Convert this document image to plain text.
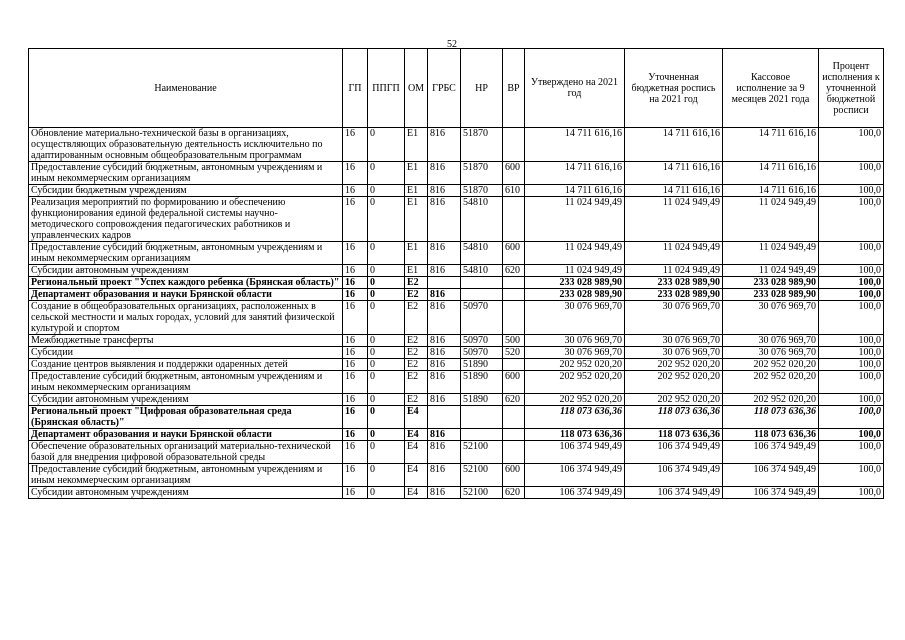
52
Наименование	ГП	ППГП	ОМ	ГРБС	НР	ВР	Утверждено на 2021 год	Уточненная бюджетная роспись на 2021 год	Кассовое исполнение за 9 месяцев 2021 года	Процент исполнения к уточненной бюджетной росписи
Обновление материально-технической базы в организациях, осуществляющих образовательную деятельность исключительно по адаптированным основным общеобразовательным программам	16	0	E1	816	51870		14 711 616,16	14 711 616,16	14 711 616,16	100,0
Предоставление субсидий бюджетным, автономным учреждениям и иным некоммерческим организациям	16	0	E1	816	51870	600	14 711 616,16	14 711 616,16	14 711 616,16	100,0
Субсидии бюджетным учреждениям	16	0	E1	816	51870	610	14 711 616,16	14 711 616,16	14 711 616,16	100,0
Реализация мероприятий по формированию и обеспечению функционирования единой федеральной системы научно-методического сопровождения педагогических работников и управленческих кадров	16	0	E1	816	54810		11 024 949,49	11 024 949,49	11 024 949,49	100,0
Предоставление субсидий бюджетным, автономным учреждениям и иным некоммерческим организациям	16	0	E1	816	54810	600	11 024 949,49	11 024 949,49	11 024 949,49	100,0
Субсидии автономным учреждениям	16	0	E1	816	54810	620	11 024 949,49	11 024 949,49	11 024 949,49	100,0
Региональный проект "Успех каждого ребенка (Брянская область)"	16	0	E2				233 028 989,90	233 028 989,90	233 028 989,90	100,0
Департамент образования и науки Брянской области	16	0	E2	816			233 028 989,90	233 028 989,90	233 028 989,90	100,0
Создание в общеобразовательных организациях, расположенных в сельской местности и малых городах, условий для занятий физической культурой и спортом	16	0	E2	816	50970		30 076 969,70	30 076 969,70	30 076 969,70	100,0
Межбюджетные трансферты	16	0	E2	816	50970	500	30 076 969,70	30 076 969,70	30 076 969,70	100,0
Субсидии	16	0	E2	816	50970	520	30 076 969,70	30 076 969,70	30 076 969,70	100,0
Создание центров выявления и поддержки одаренных детей	16	0	E2	816	51890		202 952 020,20	202 952 020,20	202 952 020,20	100,0
Предоставление субсидий бюджетным, автономным учреждениям и иным некоммерческим организациям	16	0	E2	816	51890	600	202 952 020,20	202 952 020,20	202 952 020,20	100,0
Субсидии автономным учреждениям	16	0	E2	816	51890	620	202 952 020,20	202 952 020,20	202 952 020,20	100,0
Региональный проект "Цифровая образовательная среда (Брянская область)"	16	0	E4				118 073 636,36	118 073 636,36	118 073 636,36	100,0
Департамент образования и науки Брянской области	16	0	E4	816			118 073 636,36	118 073 636,36	118 073 636,36	100,0
Обеспечение образовательных организаций материально-технической базой для внедрения цифровой образовательной среды	16	0	E4	816	52100		106 374 949,49	106 374 949,49	106 374 949,49	100,0
Предоставление субсидий бюджетным, автономным учреждениям и иным некоммерческим организациям	16	0	E4	816	52100	600	106 374 949,49	106 374 949,49	106 374 949,49	100,0
Субсидии автономным учреждениям	16	0	E4	816	52100	620	106 374 949,49	106 374 949,49	106 374 949,49	100,0
